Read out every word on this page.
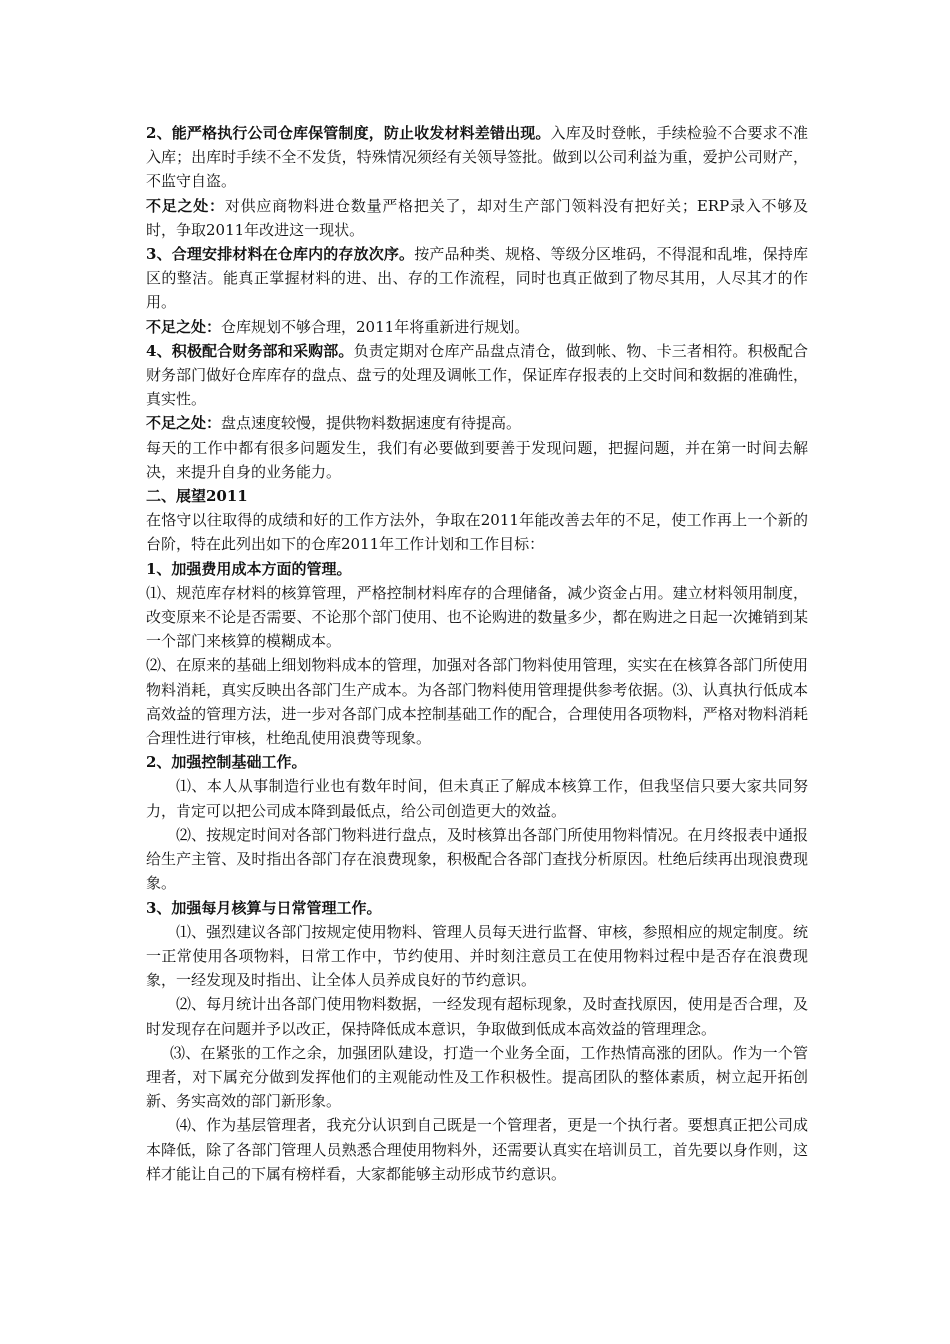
2、能严格执行公司仓库保管制度，防止收发材料差错出现。入库及时登帐，手续检验不合要求不准入库；出库时手续不全不发货，特殊情况须经有关领导签批。做到以公司利益为重，爱护公司财产，不监守自盗。

不足之处：对供应商物料进仓数量严格把关了，却对生产部门领料没有把好关；ERP录入不够及时，争取2011年改进这一现状。

3、合理安排材料在仓库内的存放次序。按产品种类、规格、等级分区堆码，不得混和乱堆，保持库区的整洁。能真正掌握材料的进、出、存的工作流程，同时也真正做到了物尽其用，人尽其才的作用。

不足之处：仓库规划不够合理，2011年将重新进行规划。

4、积极配合财务部和采购部。负责定期对仓库产品盘点清仓，做到帐、物、卡三者相符。积极配合财务部门做好仓库库存的盘点、盘亏的处理及调帐工作，保证库存报表的上交时间和数据的准确性，真实性。

不足之处：盘点速度较慢，提供物料数据速度有待提高。

每天的工作中都有很多问题发生，我们有必要做到要善于发现问题，把握问题，并在第一时间去解决，来提升自身的业务能力。

二、展望2011

在恪守以往取得的成绩和好的工作方法外，争取在2011年能改善去年的不足，使工作再上一个新的台阶，特在此列出如下的仓库2011年工作计划和工作目标：

1、加强费用成本方面的管理。

⑴、规范库存材料的核算管理，严格控制材料库存的合理储备，减少资金占用。建立材料领用制度，改变原来不论是否需要、不论那个部门使用、也不论购进的数量多少，都在购进之日起一次摊销到某一个部门来核算的模糊成本。

⑵、在原来的基础上细划物料成本的管理，加强对各部门物料使用管理，实实在在核算各部门所使用物料消耗，真实反映出各部门生产成本。为各部门物料使用管理提供参考依据。⑶、认真执行低成本高效益的管理方法，进一步对各部门成本控制基础工作的配合，合理使用各项物料，严格对物料消耗合理性进行审核，杜绝乱使用浪费等现象。

2、加强控制基础工作。

⑴、本人从事制造行业也有数年时间，但未真正了解成本核算工作，但我坚信只要大家共同努力，肯定可以把公司成本降到最低点，给公司创造更大的效益。

⑵、按规定时间对各部门物料进行盘点，及时核算出各部门所使用物料情况。在月终报表中通报给生产主管、及时指出各部门存在浪费现象，积极配合各部门查找分析原因。杜绝后续再出现浪费现象。

3、加强每月核算与日常管理工作。

⑴、强烈建议各部门按规定使用物料、管理人员每天进行监督、审核，参照相应的规定制度。统一正常使用各项物料，日常工作中，节约使用、并时刻注意员工在使用物料过程中是否存在浪费现象，一经发现及时指出、让全体人员养成良好的节约意识。

⑵、每月统计出各部门使用物料数据，一经发现有超标现象，及时查找原因，使用是否合理，及时发现存在问题并予以改正，保持降低成本意识，争取做到低成本高效益的管理理念。

⑶、在紧张的工作之余，加强团队建设，打造一个业务全面，工作热情高涨的团队。作为一个管理者，对下属充分做到发挥他们的主观能动性及工作积极性。提高团队的整体素质，树立起开拓创新、务实高效的部门新形象。

⑷、作为基层管理者，我充分认识到自己既是一个管理者，更是一个执行者。要想真正把公司成本降低，除了各部门管理人员熟悉合理使用物料外，还需要认真实在培训员工，首先要以身作则，这样才能让自己的下属有榜样看，大家都能够主动形成节约意识。
